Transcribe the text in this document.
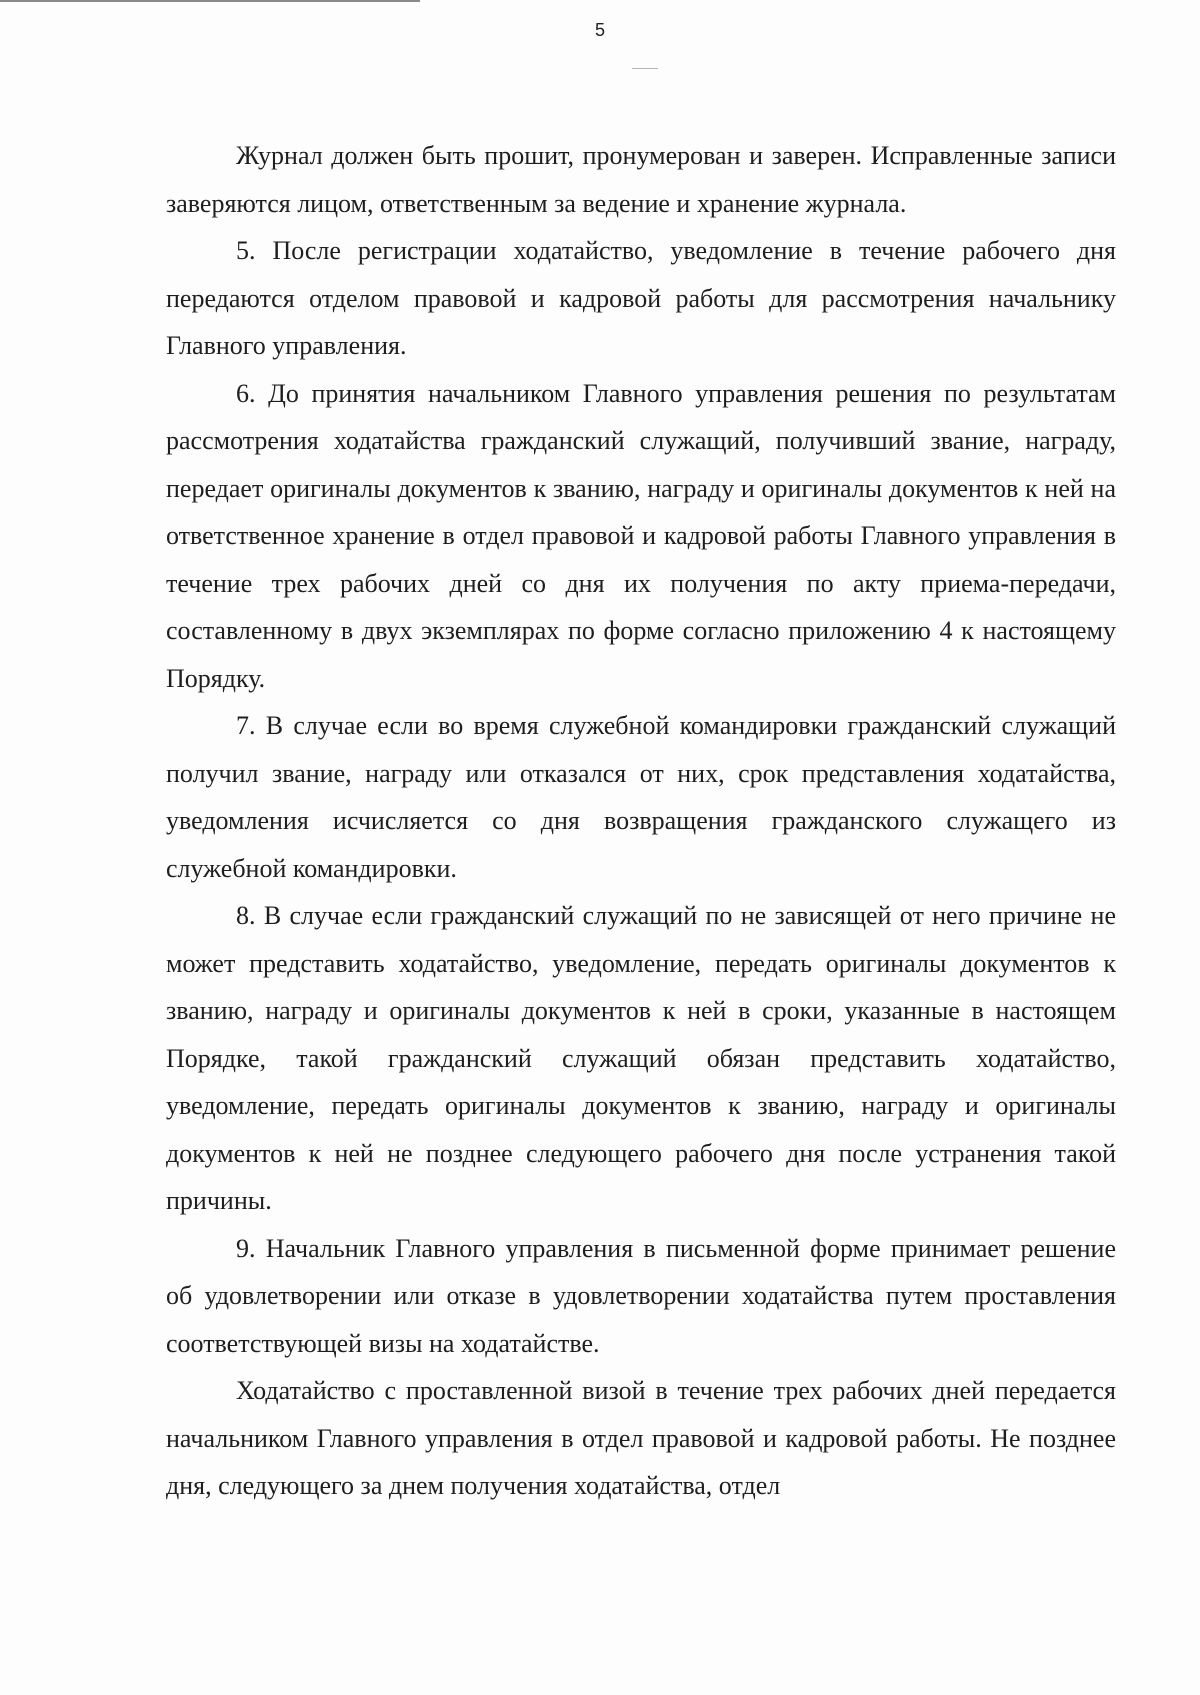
5

Журнал должен быть прошит, пронумерован и заверен. Исправленные записи заверяются лицом, ответственным за ведение и хранение журнала.

5. После регистрации ходатайство, уведомление в течение рабочего дня передаются отделом правовой и кадровой работы для рассмотрения начальнику Главного управления.

6. До принятия начальником Главного управления решения по результатам рассмотрения ходатайства гражданский служащий, получивший звание, награду, передает оригиналы документов к званию, награду и оригиналы документов к ней на ответственное хранение в отдел правовой и кадровой работы Главного управления в течение трех рабочих дней со дня их получения по акту приема-передачи, составленному в двух экземплярах по форме согласно приложению 4 к настоящему Порядку.

7. В случае если во время служебной командировки гражданский служащий получил звание, награду или отказался от них, срок представления ходатайства, уведомления исчисляется со дня возвращения гражданского служащего из служебной командировки.

8. В случае если гражданский служащий по не зависящей от него причине не может представить ходатайство, уведомление, передать оригиналы документов к званию, награду и оригиналы документов к ней в сроки, указанные в настоящем Порядке, такой гражданский служащий обязан представить ходатайство, уведомление, передать оригиналы документов к званию, награду и оригиналы документов к ней не позднее следующего рабочего дня после устранения такой причины.

9. Начальник Главного управления в письменной форме принимает решение об удовлетворении или отказе в удовлетворении ходатайства путем проставления соответствующей визы на ходатайстве.

Ходатайство с проставленной визой в течение трех рабочих дней передается начальником Главного управления в отдел правовой и кадровой работы. Не позднее дня, следующего за днем получения ходатайства, отдел
